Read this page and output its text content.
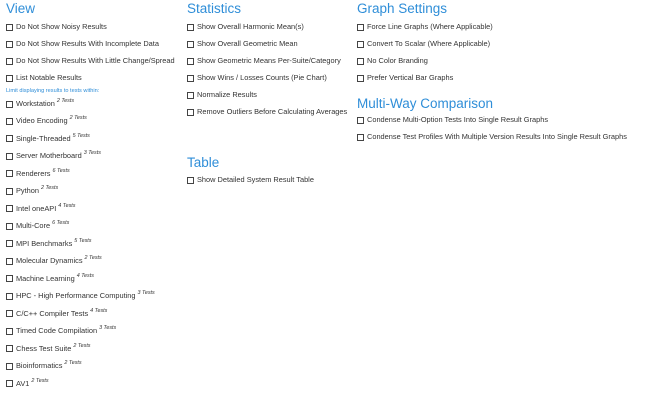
View
Do Not Show Noisy Results
Do Not Show Results With Incomplete Data
Do Not Show Results With Little Change/Spread
List Notable Results
Limit displaying results to tests within:
Workstation 2 Tests
Video Encoding 2 Tests
Single-Threaded 5 Tests
Server Motherboard 3 Tests
Renderers 6 Tests
Python 2 Tests
Intel oneAPI 4 Tests
Multi-Core 6 Tests
MPI Benchmarks 5 Tests
Molecular Dynamics 2 Tests
Machine Learning 4 Tests
HPC - High Performance Computing 3 Tests
C/C++ Compiler Tests 4 Tests
Timed Code Compilation 3 Tests
Chess Test Suite 2 Tests
Bioinformatics 2 Tests
AV1 2 Tests
Statistics
Show Overall Harmonic Mean(s)
Show Overall Geometric Mean
Show Geometric Means Per-Suite/Category
Show Wins / Losses Counts (Pie Chart)
Normalize Results
Remove Outliers Before Calculating Averages
Table
Show Detailed System Result Table
Graph Settings
Force Line Graphs (Where Applicable)
Convert To Scalar (Where Applicable)
No Color Branding
Prefer Vertical Bar Graphs
Multi-Way Comparison
Condense Multi-Option Tests Into Single Result Graphs
Condense Test Profiles With Multiple Version Results Into Single Result Graphs
